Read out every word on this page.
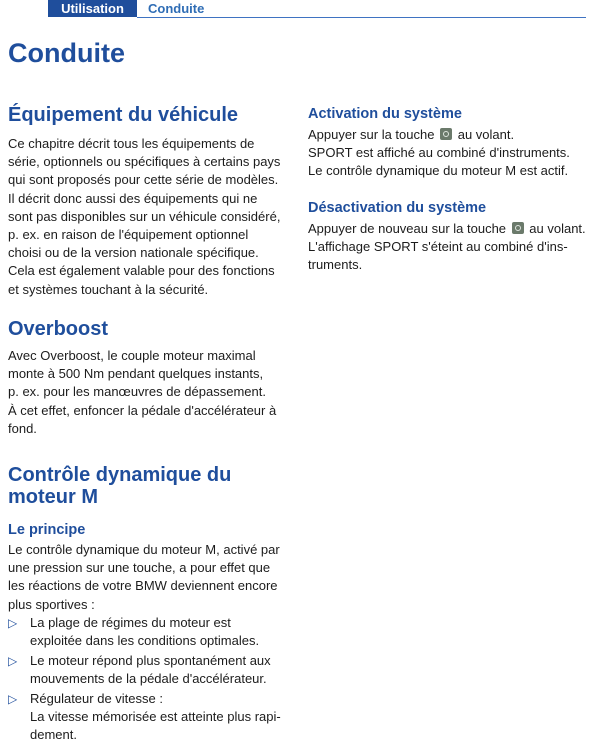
Utilisation	Conduite
Conduite
Équipement du véhicule

Ce chapitre décrit tous les équipements de
série, optionnels ou spécifiques à certains pays
qui sont proposés pour cette série de modèles.
Il décrit donc aussi des équipements qui ne
sont pas disponibles sur un véhicule considéré,
p. ex. en raison de l'équipement optionnel
choisi ou de la version nationale spécifique.
Cela est également valable pour des fonctions
et systèmes touchant à la sécurité.

Overboost

Avec Overboost, le couple moteur maximal
monte à 500 Nm pendant quelques instants,
p. ex. pour les manœuvres de dépassement.
À cet effet, enfoncer la pédale d'accélérateur à
fond.

Contrôle dynamique du
moteur M
Le principe

Le contrôle dynamique du moteur M, activé par
une pression sur une touche, a pour effet que
les réactions de votre BMW deviennent encore
plus sportives :

▷ La plage de régimes du moteur est
exploitée dans les conditions optimales.
▷ Le moteur répond plus spontanément aux
mouvements de la pédale d'accélérateur.
▷ Régulateur de vitesse :
La vitesse mémorisée est atteinte plus rapi-
dement.
Activation du système

Appuyer sur la touche au volant.
SPORT est affiché au combiné d'instruments.
Le contrôle dynamique du moteur M est actif.

Désactivation du système

Appuyer de nouveau sur la touche au volant.
L'affichage SPORT s'éteint au combiné d'ins-
truments.
